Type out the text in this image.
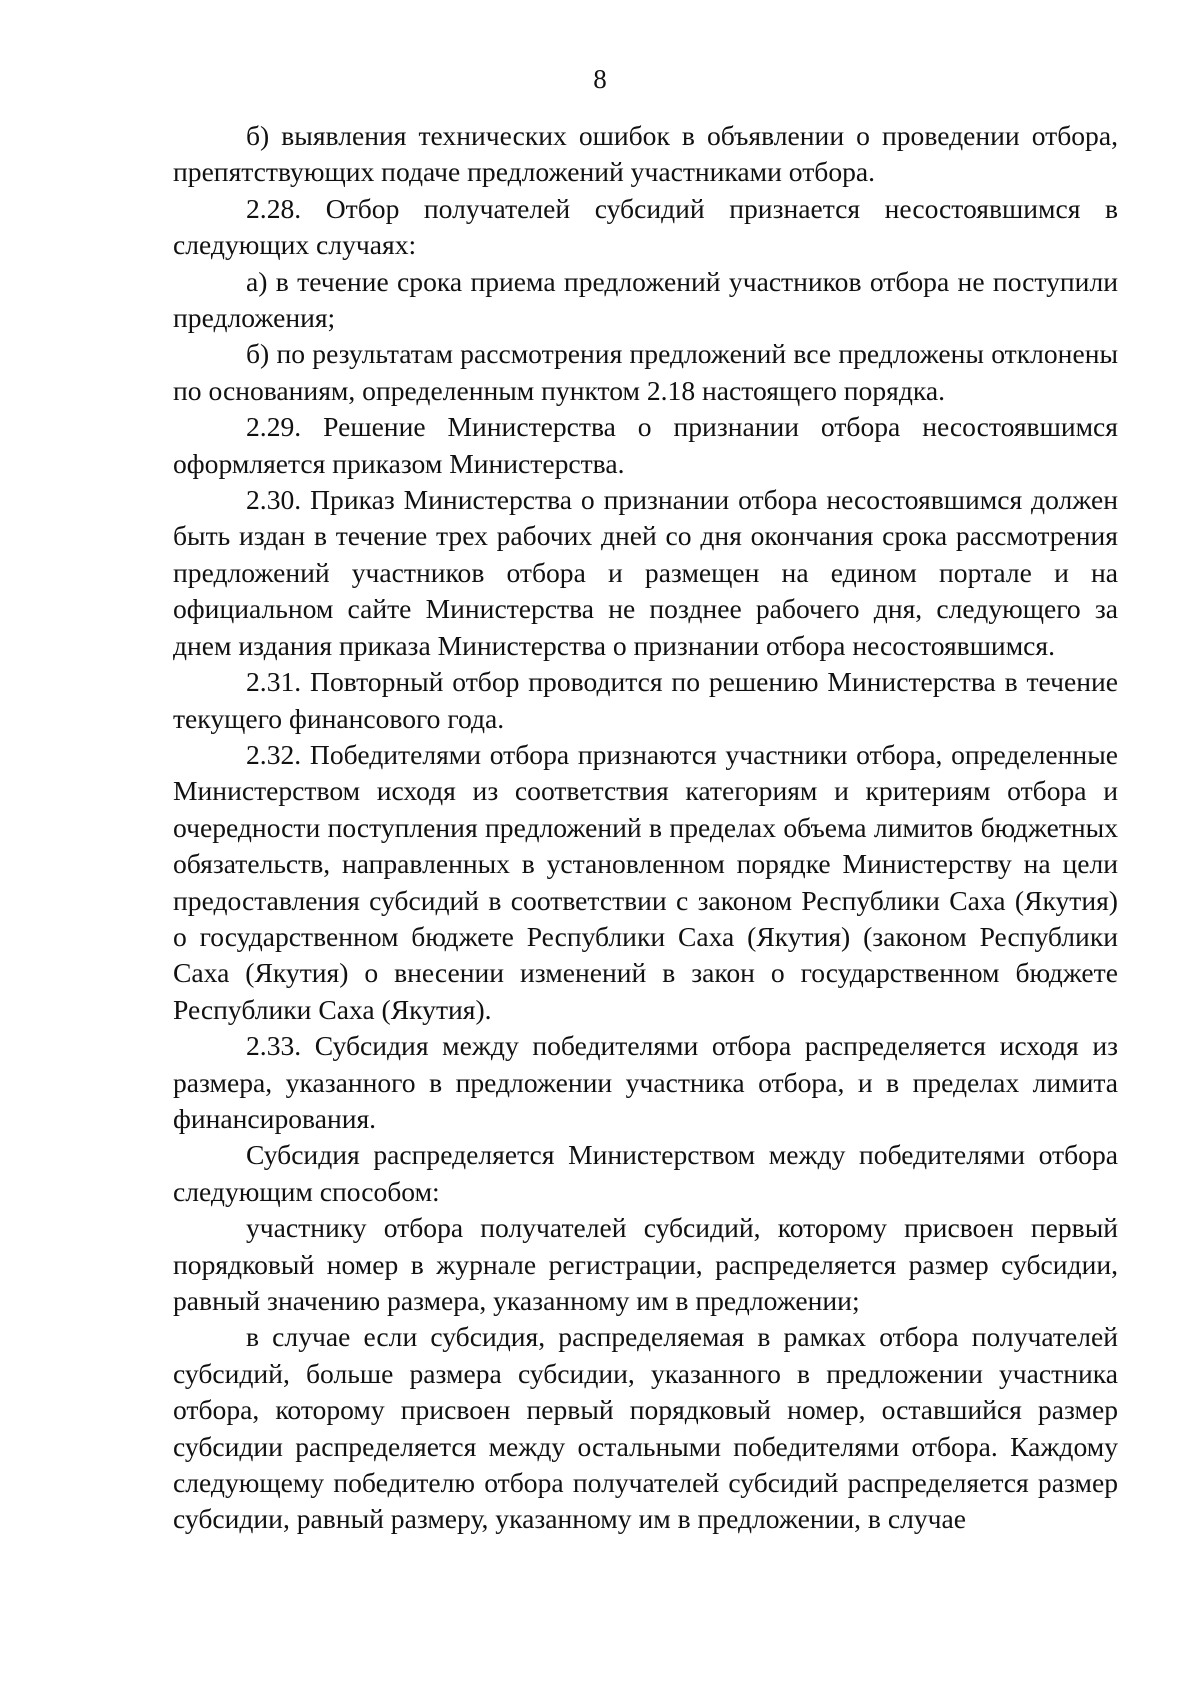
8

б) выявления технических ошибок в объявлении о проведении отбора, препятствующих подаче предложений участниками отбора.

2.28. Отбор получателей субсидий признается несостоявшимся в следующих случаях:

а) в течение срока приема предложений участников отбора не поступили предложения;

б) по результатам рассмотрения предложений все предложены отклонены по основаниям, определенным пунктом 2.18 настоящего порядка.

2.29. Решение Министерства о признании отбора несостоявшимся оформляется приказом Министерства.

2.30. Приказ Министерства о признании отбора несостоявшимся должен быть издан в течение трех рабочих дней со дня окончания срока рассмотрения предложений участников отбора и размещен на едином портале и на официальном сайте Министерства не позднее рабочего дня, следующего за днем издания приказа Министерства о признании отбора несостоявшимся.

2.31. Повторный отбор проводится по решению Министерства в течение текущего финансового года.

2.32. Победителями отбора признаются участники отбора, определенные Министерством исходя из соответствия категориям и критериям отбора и очередности поступления предложений в пределах объема лимитов бюджетных обязательств, направленных в установленном порядке Министерству на цели предоставления субсидий в соответствии с законом Республики Саха (Якутия) о государственном бюджете Республики Саха (Якутия) (законом Республики Саха (Якутия) о внесении изменений в закон о государственном бюджете Республики Саха (Якутия).

2.33. Субсидия между победителями отбора распределяется исходя из размера, указанного в предложении участника отбора, и в пределах лимита финансирования.

Субсидия распределяется Министерством между победителями отбора следующим способом:

участнику отбора получателей субсидий, которому присвоен первый порядковый номер в журнале регистрации, распределяется размер субсидии, равный значению размера, указанному им в предложении;

в случае если субсидия, распределяемая в рамках отбора получателей субсидий, больше размера субсидии, указанного в предложении участника отбора, которому присвоен первый порядковый номер, оставшийся размер субсидии распределяется между остальными победителями отбора. Каждому следующему победителю отбора получателей субсидий распределяется размер субсидии, равный размеру, указанному им в предложении, в случае
